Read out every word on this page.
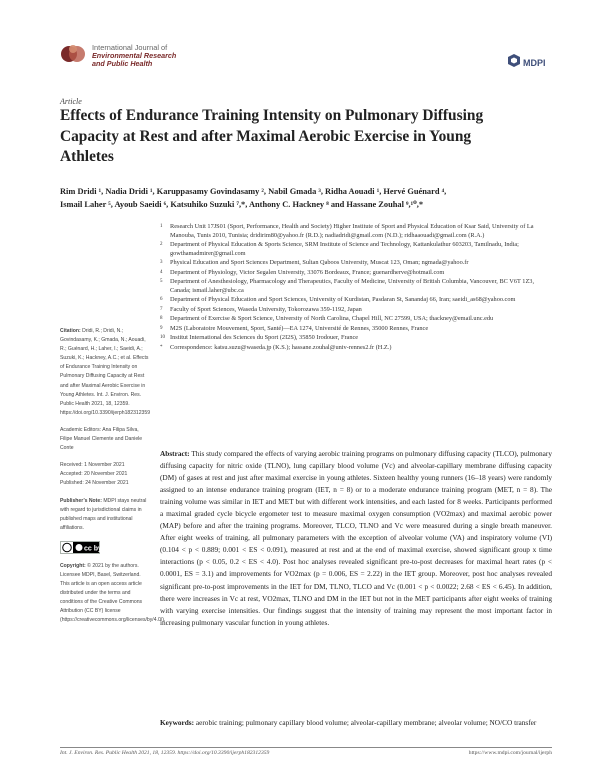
International Journal of
Environmental Research
and Public Health	MDPI
Article
Effects of Endurance Training Intensity on Pulmonary Diffusing Capacity at Rest and after Maximal Aerobic Exercise in Young Athletes
Rim Dridi ¹, Nadia Dridi ¹, Karuppasamy Govindasamy ², Nabil Gmada ³, Ridha Aouadi ¹, Hervé Guénard ⁴,
Ismail Laher ⁵, Ayoub Saeidi ⁶, Katsuhiko Suzuki ⁷,*, Anthony C. Hackney ⁸ and Hassane Zouhal ⁹,¹⁰,*
1 Research Unit 17JS01 (Sport, Performance, Health and Society) Higher Institute of Sport and Physical Education of Ksar Said, University of La Manouba, Tunis 2010, Tunisia; dridirim80@yahoo.fr (R.D.); nadiadridi@gmail.com (N.D.); ridhaaouadi@gmail.com (R.A.)
2 Department of Physical Education & Sports Science, SRM Institute of Science and Technology, Kattankulathur 603203, Tamilnadu, India; gowthamadmirer@gmail.com
3 Physical Education and Sport Sciences Department, Sultan Qaboos University, Muscat 123, Oman; ngmada@yahoo.fr
4 Department of Physiology, Victor Segalen University, 33076 Bordeaux, France; guenardherve@hotmail.com
5 Department of Anesthesiology, Pharmacology and Therapeutics, Faculty of Medicine, University of British Columbia, Vancouver, BC V6T 1Z3, Canada; ismail.laher@ubc.ca
6 Department of Physical Education and Sport Sciences, University of Kurdistan, Pasdaran St, Sanandaj 66, Iran; saeidi_as68@yahoo.com
7 Faculty of Sport Sciences, Waseda University, Tokorozawa 359-1192, Japan
8 Department of Exercise & Sport Science, University of North Carolina, Chapel Hill, NC 27599, USA; thackney@email.unc.edu
9 M2S (Laboratoire Mouvement, Sport, Santé)—EA 1274, Université de Rennes, 35000 Rennes, France
10 Institut International des Sciences du Sport (2I2S), 35850 Irodouer, France
* Correspondence: katsu.suzu@waseda.jp (K.S.); hassane.zouhal@univ-rennes2.fr (H.Z.)

Citation: Dridi, R.; Dridi, N.; Govindasamy, K.; Gmada, N.; Aouadi, R.; Guénard, H.; Laher, I.; Saeidi, A.; Suzuki, K.; Hackney, A.C.; et al. Effects of Endurance Training Intensity on Pulmonary Diffusing Capacity at Rest and after Maximal Aerobic Exercise in Young Athletes. Int. J. Environ. Res. Public Health 2021, 18, 12359. https://doi.org/10.3390/ijerph182312359

Academic Editors: Ana Filipa Silva, Filipe Manuel Clemente and Daniele Conte

Received: 1 November 2021
Accepted: 20 November 2021
Published: 24 November 2021

Publisher’s Note: MDPI stays neutral with regard to jurisdictional claims in published maps and institutional affiliations.

cc by

Copyright: © 2021 by the authors. Licensee MDPI, Basel, Switzerland. This article is an open access article distributed under the terms and conditions of the Creative Commons Attribution (CC BY) license (https://creativecommons.org/licenses/by/4.0/).

Abstract: This study compared the effects of varying aerobic training programs on pulmonary diffusing capacity (TLCO), pulmonary diffusing capacity for nitric oxide (TLNO), lung capillary blood volume (Vc) and alveolar-capillary membrane diffusing capacity (DM) of gases at rest and just after maximal exercise in young athletes. Sixteen healthy young runners (16–18 years) were randomly assigned to an intense endurance training program (IET, n = 8) or to a moderate endurance training program (MET, n = 8). The training volume was similar in IET and MET but with different work intensities, and each lasted for 8 weeks. Participants performed a maximal graded cycle bicycle ergometer test to measure maximal oxygen consumption (VO2max) and maximal aerobic power (MAP) before and after the training programs. Moreover, TLCO, TLNO and Vc were measured during a single breath maneuver. After eight weeks of training, all pulmonary parameters with the exception of alveolar volume (VA) and inspiratory volume (VI) (0.104 < p < 0.889; 0.001 < ES < 0.091), measured at rest and at the end of maximal exercise, showed significant group x time interactions (p < 0.05, 0.2 < ES < 4.0). Post hoc analyses revealed significant pre-to-post decreases for maximal heart rates (p < 0.0001, ES = 3.1) and improvements for VO2max (p = 0.006, ES = 2.22) in the IET group. Moreover, post hoc analyses revealed significant pre-to-post improvements in the IET for DM, TLNO, TLCO and Vc (0.001 < p < 0.0022; 2.68 < ES < 6.45). In addition, there were increases in Vc at rest, VO2max, TLNO and DM in the IET but not in the MET participants after eight weeks of training with varying exercise intensities. Our findings suggest that the intensity of training may represent the most important factor in increasing pulmonary vascular function in young athletes.

Keywords: aerobic training; pulmonary capillary blood volume; alveolar-capillary membrane; alveolar volume; NO/CO transfer

Int. J. Environ. Res. Public Health 2021, 18, 12359. https://doi.org/10.3390/ijerph182312359	https://www.mdpi.com/journal/ijerph
